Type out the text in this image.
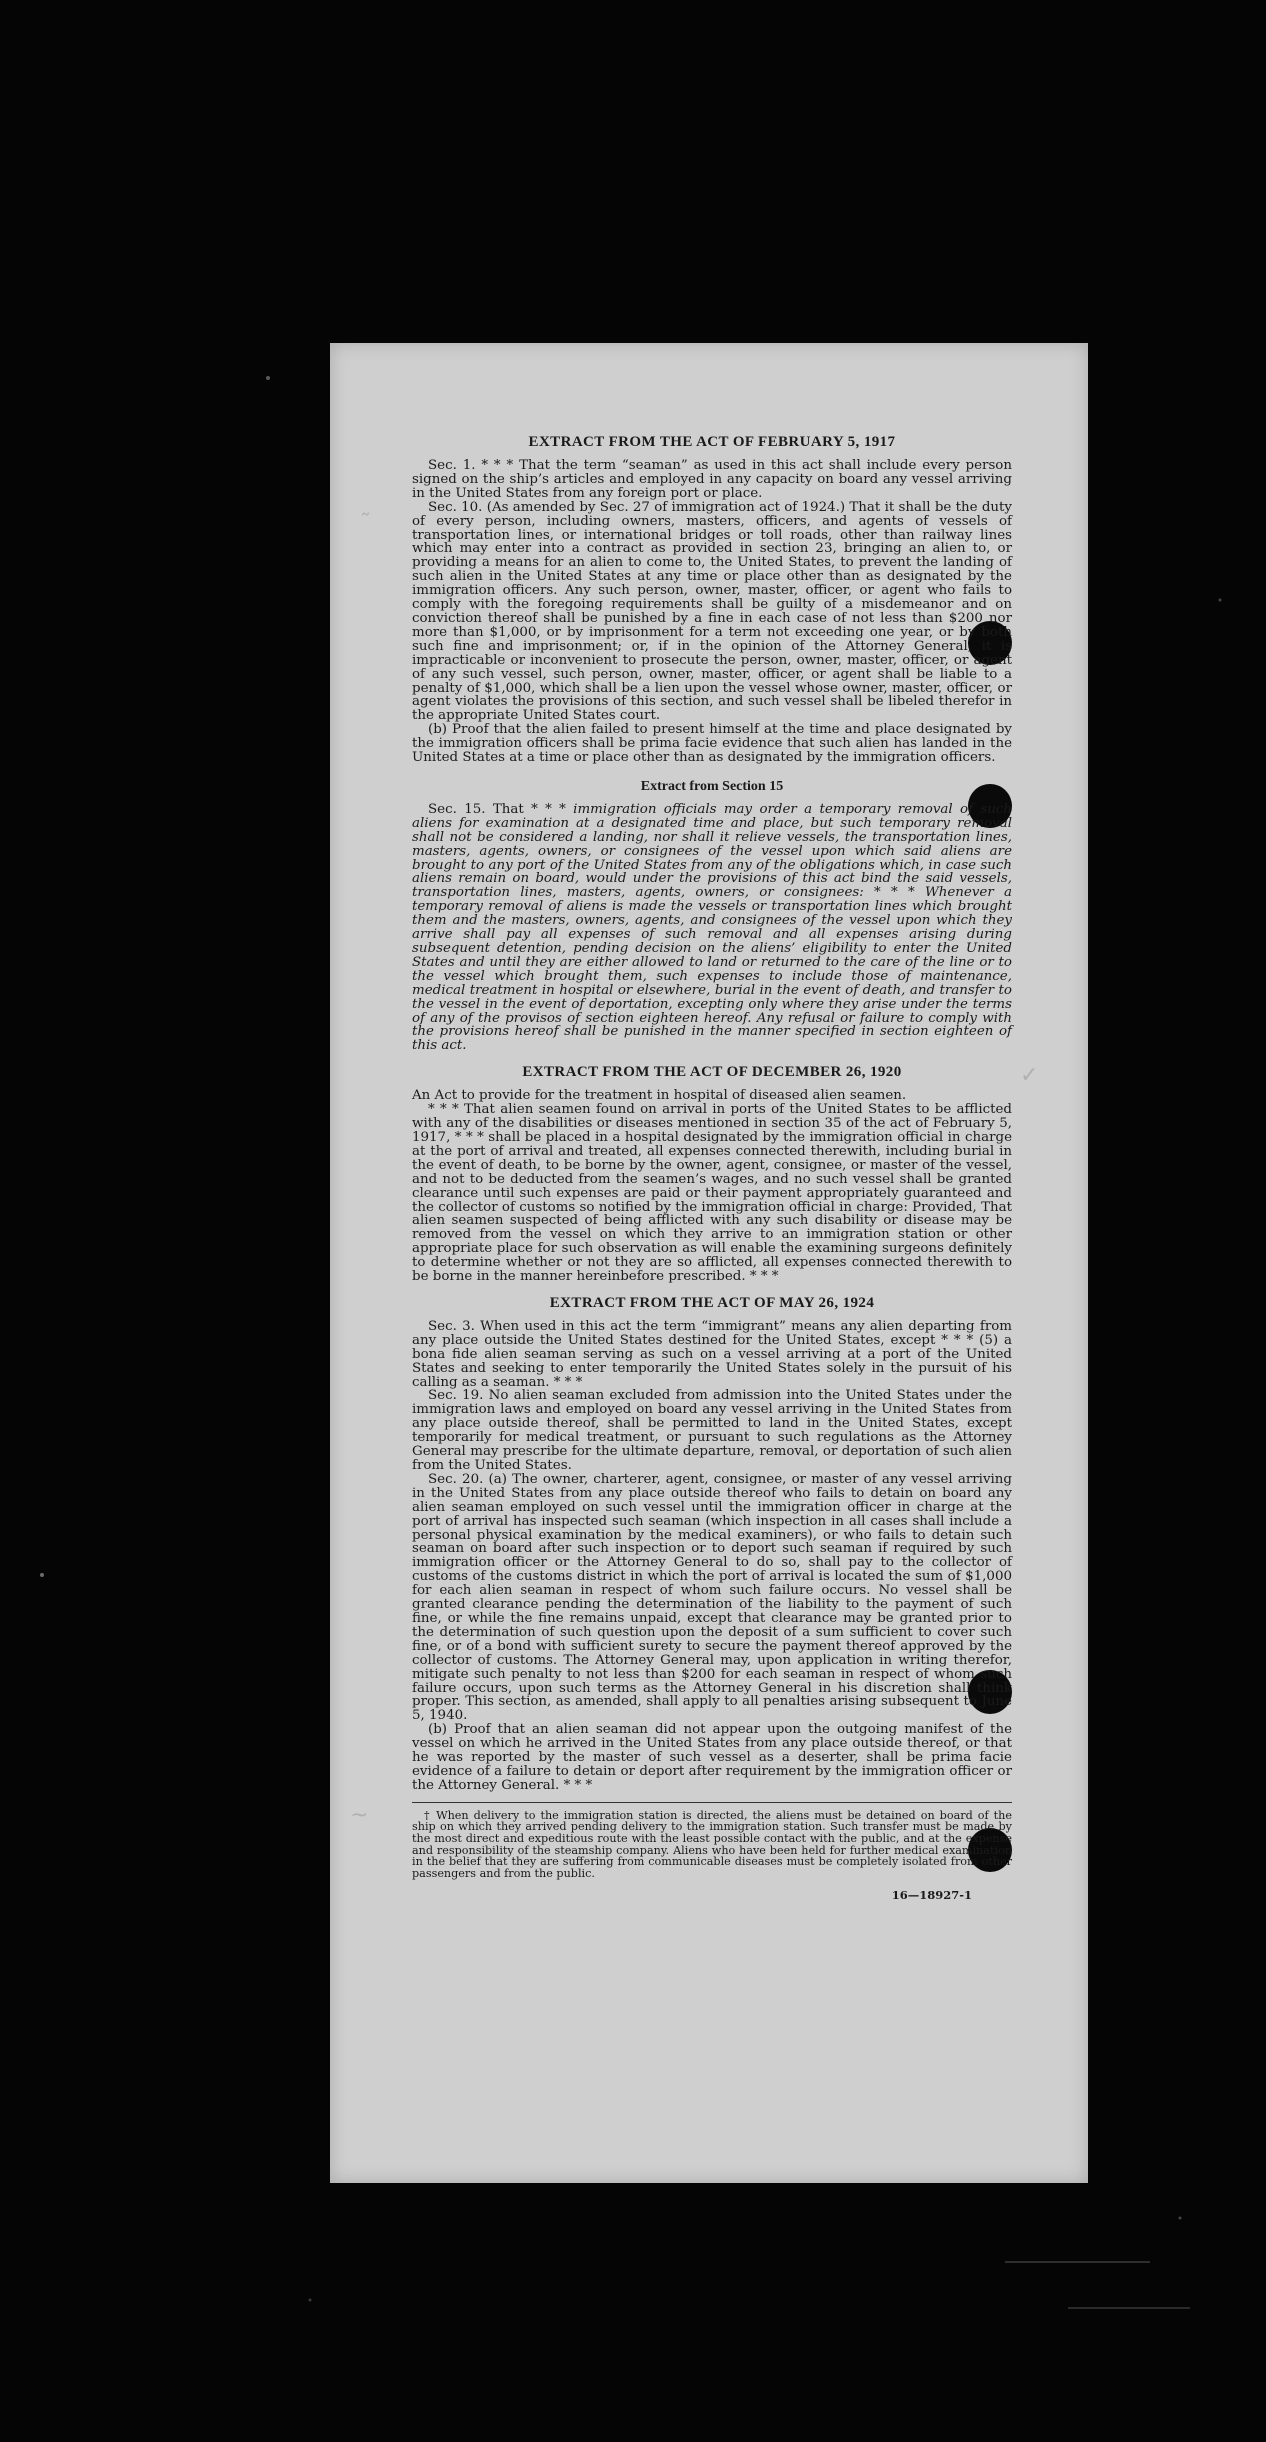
˜
✓
~
EXTRACT FROM THE ACT OF FEBRUARY 5, 1917

Sec. 1. * * * That the term “seaman” as used in this act shall include every person signed on the ship’s articles and employed in any capacity on board any vessel arriving in the United States from any foreign port or place.

Sec. 10. (As amended by Sec. 27 of immigration act of 1924.) That it shall be the duty of every person, including owners, masters, officers, and agents of vessels of transportation lines, or international bridges or toll roads, other than railway lines which may enter into a contract as provided in section 23, bringing an alien to, or providing a means for an alien to come to, the United States, to prevent the landing of such alien in the United States at any time or place other than as designated by the immigration officers. Any such person, owner, master, officer, or agent who fails to comply with the foregoing requirements shall be guilty of a misdemeanor and on conviction thereof shall be punished by a fine in each case of not less than $200 nor more than $1,000, or by imprisonment for a term not exceeding one year, or by both such fine and imprisonment; or, if in the opinion of the Attorney General, it is impracticable or inconvenient to prosecute the person, owner, master, officer, or agent of any such vessel, such person, owner, master, officer, or agent shall be liable to a penalty of $1,000, which shall be a lien upon the vessel whose owner, master, officer, or agent violates the provisions of this section, and such vessel shall be libeled therefor in the appropriate United States court.

(b) Proof that the alien failed to present himself at the time and place designated by the immigration officers shall be prima facie evidence that such alien has landed in the United States at a time or place other than as designated by the immigration officers.

Extract from Section 15

Sec. 15. That * * * immigration officials may order a temporary removal of such aliens for examination at a designated time and place, but such temporary removal shall not be considered a landing, nor shall it relieve vessels, the transportation lines, masters, agents, owners, or consignees of the vessel upon which said aliens are brought to any port of the United States from any of the obligations which, in case such aliens remain on board, would under the provisions of this act bind the said vessels, transportation lines, masters, agents, owners, or consignees: * * * Whenever a temporary removal of aliens is made the vessels or transportation lines which brought them and the masters, owners, agents, and consignees of the vessel upon which they arrive shall pay all expenses of such removal and all expenses arising during subsequent detention, pending decision on the aliens’ eligibility to enter the United States and until they are either allowed to land or returned to the care of the line or to the vessel which brought them, such expenses to include those of maintenance, medical treatment in hospital or elsewhere, burial in the event of death, and transfer to the vessel in the event of deportation, excepting only where they arise under the terms of any of the provisos of section eighteen hereof. Any refusal or failure to comply with the provisions hereof shall be punished in the manner specified in section eighteen of this act.

EXTRACT FROM THE ACT OF DECEMBER 26, 1920

An Act to provide for the treatment in hospital of diseased alien seamen.

* * * That alien seamen found on arrival in ports of the United States to be afflicted with any of the disabilities or diseases mentioned in section 35 of the act of February 5, 1917, * * * shall be placed in a hospital designated by the immigration official in charge at the port of arrival and treated, all expenses connected therewith, including burial in the event of death, to be borne by the owner, agent, consignee, or master of the vessel, and not to be deducted from the seamen’s wages, and no such vessel shall be granted clearance until such expenses are paid or their payment appropriately guaranteed and the collector of customs so notified by the immigration official in charge: Provided, That alien seamen suspected of being afflicted with any such disability or disease may be removed from the vessel on which they arrive to an immigration station or other appropriate place for such observation as will enable the examining surgeons definitely to determine whether or not they are so afflicted, all expenses connected therewith to be borne in the manner hereinbefore prescribed. * * *

EXTRACT FROM THE ACT OF MAY 26, 1924

Sec. 3. When used in this act the term “immigrant” means any alien departing from any place outside the United States destined for the United States, except * * * (5) a bona fide alien seaman serving as such on a vessel arriving at a port of the United States and seeking to enter temporarily the United States solely in the pursuit of his calling as a seaman. * * *

Sec. 19. No alien seaman excluded from admission into the United States under the immigration laws and employed on board any vessel arriving in the United States from any place outside thereof, shall be permitted to land in the United States, except temporarily for medical treatment, or pursuant to such regulations as the Attorney General may prescribe for the ultimate departure, removal, or deportation of such alien from the United States.

Sec. 20. (a) The owner, charterer, agent, consignee, or master of any vessel arriving in the United States from any place outside thereof who fails to detain on board any alien seaman employed on such vessel until the immigration officer in charge at the port of arrival has inspected such seaman (which inspection in all cases shall include a personal physical examination by the medical examiners), or who fails to detain such seaman on board after such inspection or to deport such seaman if required by such immigration officer or the Attorney General to do so, shall pay to the collector of customs of the customs district in which the port of arrival is located the sum of $1,000 for each alien seaman in respect of whom such failure occurs. No vessel shall be granted clearance pending the determination of the liability to the payment of such fine, or while the fine remains unpaid, except that clearance may be granted prior to the determination of such question upon the deposit of a sum sufficient to cover such fine, or of a bond with sufficient surety to secure the payment thereof approved by the collector of customs. The Attorney General may, upon application in writing therefor, mitigate such penalty to not less than $200 for each seaman in respect of whom such failure occurs, upon such terms as the Attorney General in his discretion shall think proper. This section, as amended, shall apply to all penalties arising subsequent to June 5, 1940.

(b) Proof that an alien seaman did not appear upon the outgoing manifest of the vessel on which he arrived in the United States from any place outside thereof, or that he was reported by the master of such vessel as a deserter, shall be prima facie evidence of a failure to detain or deport after requirement by the immigration officer or the Attorney General. * * *

† When delivery to the immigration station is directed, the aliens must be detained on board of the ship on which they arrived pending delivery to the immigration station. Such transfer must be made by the most direct and expeditious route with the least possible contact with the public, and at the expense and responsibility of the steamship company. Aliens who have been held for further medical examination in the belief that they are suffering from communicable diseases must be completely isolated from other passengers and from the public.

16—18927-1
